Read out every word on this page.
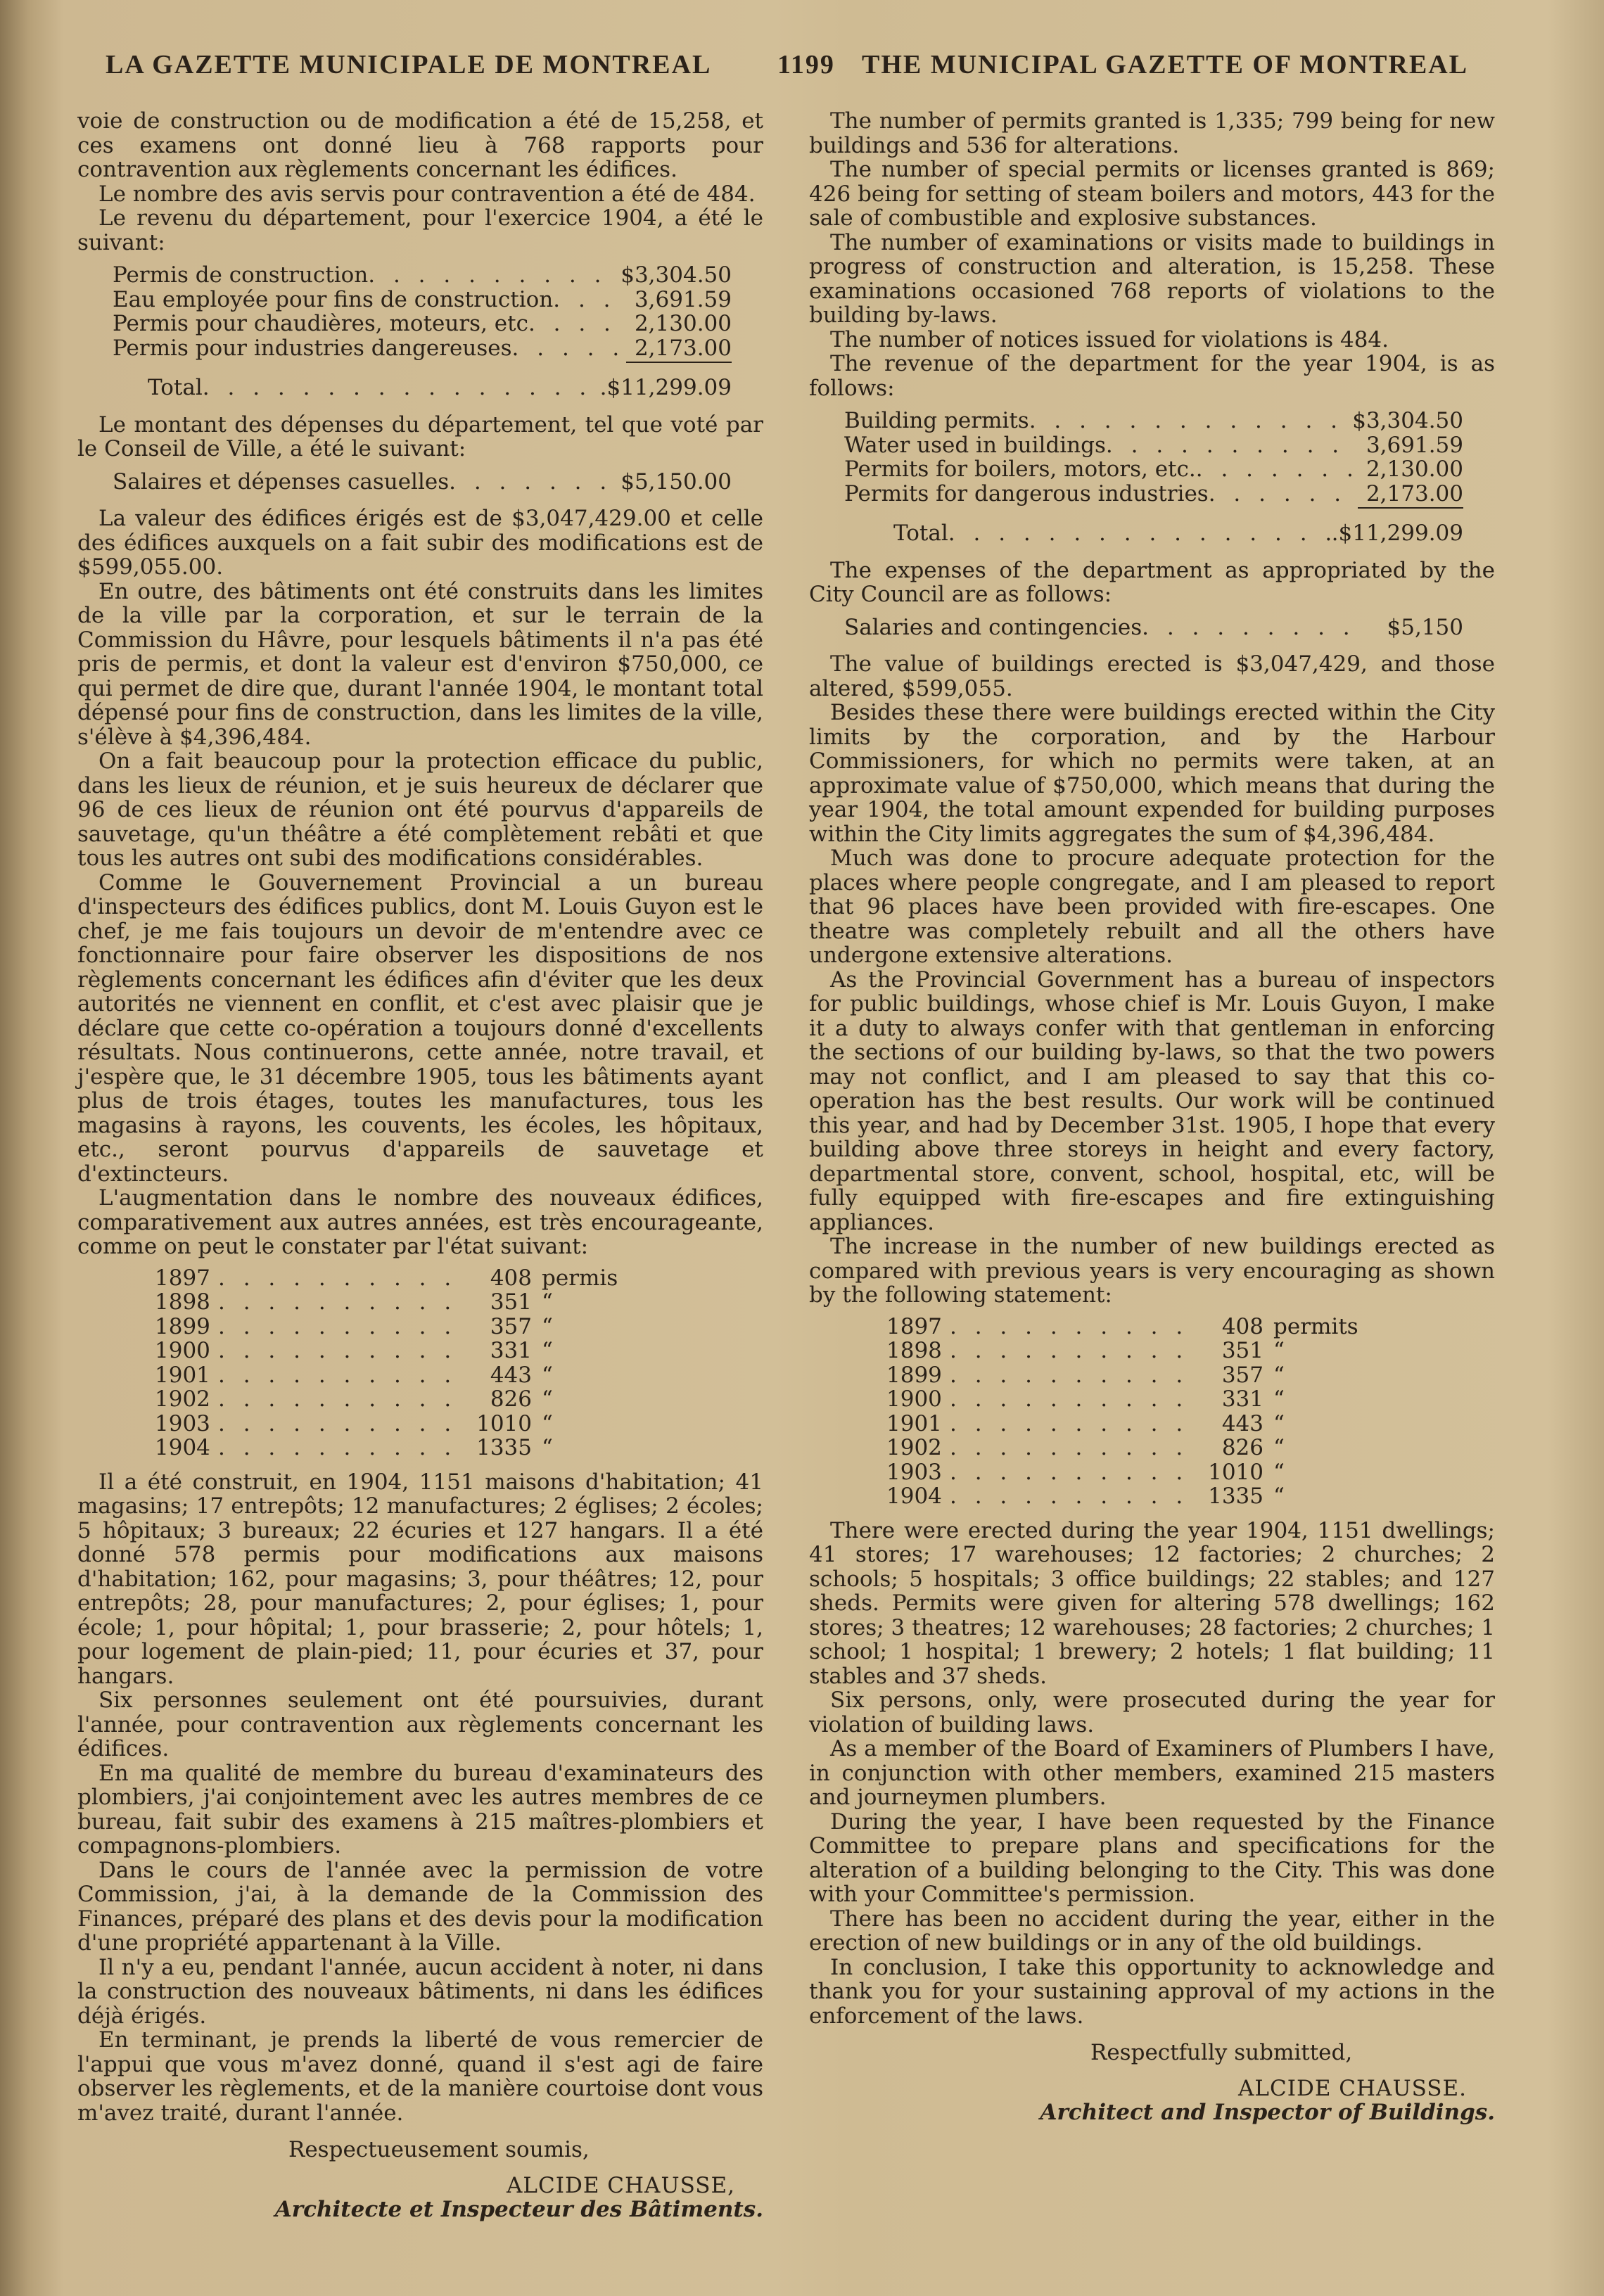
LA GAZETTE MUNICIPALE DE MONTREAL 1199 THE MUNICIPAL GAZETTE OF MONTREAL

voie de construction ou de modification a été de 15,258, et ces examens ont donné lieu à 768 rapports pour contravention aux règlements concernant les édifices.

Le nombre des avis servis pour contravention a été de 484.

Le revenu du département, pour l'exercice 1904, a été le suivant:

Permis de construction . . .	$3,304.50
Eau employée pour fins de construction . . .	3,691.59
Permis pour chaudières, moteurs, etc . . .	2,130.00
Permis pour industries dangereuses . . .	2,173.00
Total . . .	.$11,299.09

Le montant des dépenses du département, tel que voté par le Conseil de Ville, a été le suivant:

Salaires et dépenses casuelles . . .	$5,150.00

La valeur des édifices érigés est de $3,047,429.00 et celle des édifices auxquels on a fait subir des modifications est de $599,055.00.

En outre, des bâtiments ont été construits dans les limites de la ville par la corporation, et sur le terrain de la Commission du Hâvre, pour lesquels bâtiments il n'a pas été pris de permis, et dont la valeur est d'environ $750,000, ce qui permet de dire que, durant l'année 1904, le montant total dépensé pour fins de construction, dans les limites de la ville, s'élève à $4,396,484.

On a fait beaucoup pour la protection efficace du public, dans les lieux de réunion, et je suis heureux de déclarer que 96 de ces lieux de réunion ont été pourvus d'appareils de sauvetage, qu'un théâtre a été complètement rebâti et que tous les autres ont subi des modifications considérables.

Comme le Gouvernement Provincial a un bureau d'inspecteurs des édifices publics, dont M. Louis Guyon est le chef, je me fais toujours un devoir de m'entendre avec ce fonctionnaire pour faire observer les dispositions de nos règlements concernant les édifices afin d'éviter que les deux autorités ne viennent en conflit, et c'est avec plaisir que je déclare que cette co-opération a toujours donné d'excellents résultats. Nous continuerons, cette année, notre travail, et j'espère que, le 31 décembre 1905, tous les bâtiments ayant plus de trois étages, toutes les manufactures, tous les magasins à rayons, les couvents, les écoles, les hôpitaux, etc., seront pourvus d'appareils de sauvetage et d'extincteurs.

L'augmentation dans le nombre des nouveaux édifices, comparativement aux autres années, est très encourageante, comme on peut le constater par l'état suivant:

1897 . . .	408 permis
1898 . . .	351 “
1899 . . .	357 “
1900 . . .	331 “
1901 . . .	443 “
1902 . . .	826 “
1903 . . .	1010 “
1904 . . .	1335 “

Il a été construit, en 1904, 1151 maisons d'habitation; 41 magasins; 17 entrepôts; 12 manufactures; 2 églises; 2 écoles; 5 hôpitaux; 3 bureaux; 22 écuries et 127 hangars. Il a été donné 578 permis pour modifications aux maisons d'habitation; 162, pour magasins; 3, pour théâtres; 12, pour entrepôts; 28, pour manufactures; 2, pour églises; 1, pour école; 1, pour hôpital; 1, pour brasserie; 2, pour hôtels; 1, pour logement de plain-pied; 11, pour écuries et 37, pour hangars.

Six personnes seulement ont été poursuivies, durant l'année, pour contravention aux règlements concernant les édifices.

En ma qualité de membre du bureau d'examinateurs des plombiers, j'ai conjointement avec les autres membres de ce bureau, fait subir des examens à 215 maîtres-plombiers et compagnons-plombiers.

Dans le cours de l'année avec la permission de votre Commission, j'ai, à la demande de la Commission des Finances, préparé des plans et des devis pour la modification d'une propriété appartenant à la Ville.

Il n'y a eu, pendant l'année, aucun accident à noter, ni dans la construction des nouveaux bâtiments, ni dans les édifices déjà érigés.

En terminant, je prends la liberté de vous remercier de l'appui que vous m'avez donné, quand il s'est agi de faire observer les règlements, et de la manière courtoise dont vous m'avez traité, durant l'année.

Respectueusement soumis,

ALCIDE CHAUSSE,

Architecte et Inspecteur des Bâtiments.

The number of permits granted is 1,335; 799 being for new buildings and 536 for alterations.

The number of special permits or licenses granted is 869; 426 being for setting of steam boilers and motors, 443 for the sale of combustible and explosive substances.

The number of examinations or visits made to buildings in progress of construction and alteration, is 15,258. These examinations occasioned 768 reports of violations to the building by-laws.

The number of notices issued for violations is 484.

The revenue of the department for the year 1904, is as follows:

Building permits . . .	$3,304.50
Water used in buildings . . .	3,691.59
Permits for boilers, motors, etc. . . .	2,130.00
Permits for dangerous industries . . .	2,173.00
Total . . .	.$11,299.09

The expenses of the department as appropriated by the City Council are as follows:

Salaries and contingencies . . .	$5,150

The value of buildings erected is $3,047,429, and those altered, $599,055.

Besides these there were buildings erected within the City limits by the corporation, and by the Harbour Commissioners, for which no permits were taken, at an approximate value of $750,000, which means that during the year 1904, the total amount expended for building purposes within the City limits aggregates the sum of $4,396,484.

Much was done to procure adequate protection for the places where people congregate, and I am pleased to report that 96 places have been provided with fire-escapes. One theatre was completely rebuilt and all the others have undergone extensive alterations.

As the Provincial Government has a bureau of inspectors for public buildings, whose chief is Mr. Louis Guyon, I make it a duty to always confer with that gentleman in enforcing the sections of our building by-laws, so that the two powers may not conflict, and I am pleased to say that this co-operation has the best results. Our work will be continued this year, and had by December 31st. 1905, I hope that every building above three storeys in height and every factory, departmental store, convent, school, hospital, etc, will be fully equipped with fire-escapes and fire extinguishing appliances.

The increase in the number of new buildings erected as compared with previous years is very encouraging as shown by the following statement:

1897 . . .	408 permits
1898 . . .	351 “
1899 . . .	357 “
1900 . . .	331 “
1901 . . .	443 “
1902 . . .	826 “
1903 . . .	1010 “
1904 . . .	1335 “

There were erected during the year 1904, 1151 dwellings; 41 stores; 17 warehouses; 12 factories; 2 churches; 2 schools; 5 hospitals; 3 office buildings; 22 stables; and 127 sheds. Permits were given for altering 578 dwellings; 162 stores; 3 theatres; 12 warehouses; 28 factories; 2 churches; 1 school; 1 hospital; 1 brewery; 2 hotels; 1 flat building; 11 stables and 37 sheds.

Six persons, only, were prosecuted during the year for violation of building laws.

As a member of the Board of Examiners of Plumbers I have, in conjunction with other members, examined 215 masters and journeymen plumbers.

During the year, I have been requested by the Finance Committee to prepare plans and specifications for the alteration of a building belonging to the City. This was done with your Committee's permission.

There has been no accident during the year, either in the erection of new buildings or in any of the old buildings.

In conclusion, I take this opportunity to acknowledge and thank you for your sustaining approval of my actions in the enforcement of the laws.

Respectfully submitted,

ALCIDE CHAUSSE.

Architect and Inspector of Buildings.
